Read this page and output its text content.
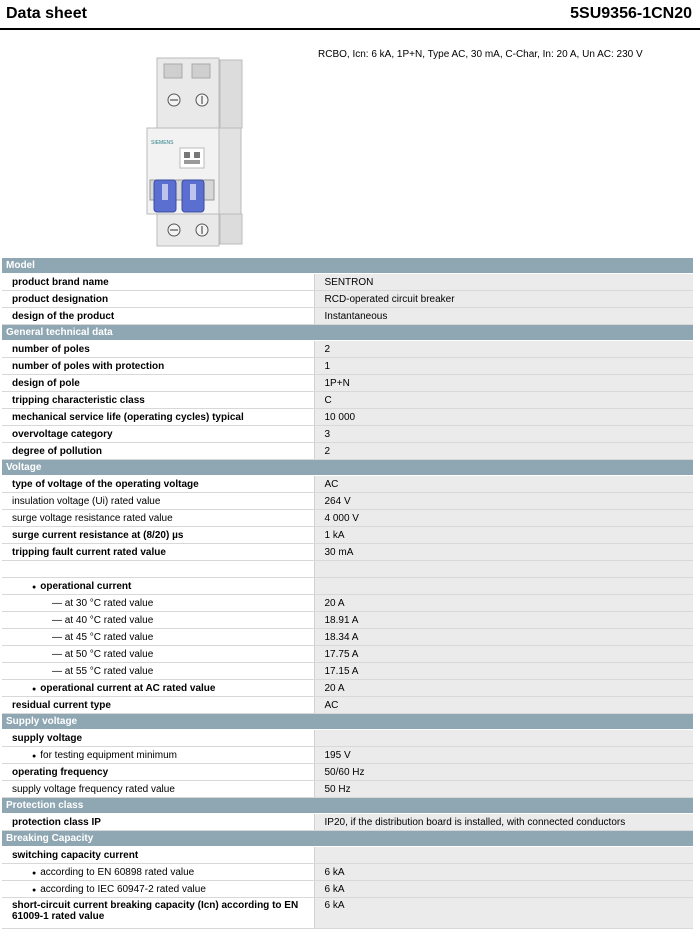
Data sheet	5SU9356-1CN20
RCBO, Icn: 6 kA, 1P+N, Type AC, 30 mA, C-Char, In: 20 A, Un AC: 230 V
SIEMENS
Model	
product brand name	SENTRON
product designation	RCD-operated circuit breaker
design of the product	Instantaneous
General technical data	
number of poles	2
number of poles with protection	1
design of pole	1P+N
tripping characteristic class	C
mechanical service life (operating cycles) typical	10 000
overvoltage category	3
degree of pollution	2
Voltage	
type of voltage of the operating voltage	AC
insulation voltage (Ui) rated value	264 V
surge voltage resistance rated value	4 000 V
surge current resistance at (8/20) µs	1 kA
tripping fault current rated value	30 mA

● operational current	
— at 30 °C rated value	20 A
— at 40 °C rated value	18.91 A
— at 45 °C rated value	18.34 A
— at 50 °C rated value	17.75 A
— at 55 °C rated value	17.15 A
● operational current at AC rated value	20 A
residual current type	AC
Supply voltage	
supply voltage	
● for testing equipment minimum	195 V
operating frequency	50/60 Hz
supply voltage frequency rated value	50 Hz
Protection class	
protection class IP	IP20, if the distribution board is installed, with connected conductors
Breaking Capacity	
switching capacity current	
● according to EN 60898 rated value	6 kA
● according to IEC 60947-2 rated value	6 kA
short-circuit current breaking capacity (Icn) according to EN 61009-1 rated value	6 kA
